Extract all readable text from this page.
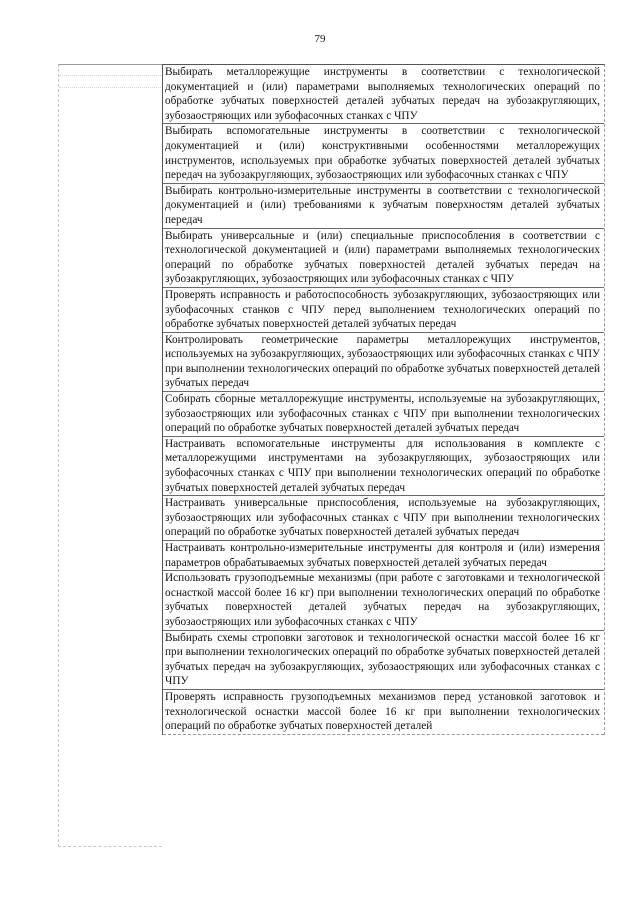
79
Выбирать металлорежущие инструменты в соответствии с технологической документацией и (или) параметрами выполняемых технологических операций по обработке зубчатых поверхностей деталей зубчатых передач на зубозакругляющих, зубозаостряющих или зубофасочных станках с ЧПУ
Выбирать вспомогательные инструменты в соответствии с технологической документацией и (или) конструктивными особенностями металлорежущих инструментов, используемых при обработке зубчатых поверхностей деталей зубчатых передач на зубозакругляющих, зубозаостряющих или зубофасочных станках с ЧПУ
Выбирать контрольно-измерительные инструменты в соответствии с технологической документацией и (или) требованиями к зубчатым поверхностям деталей зубчатых передач
Выбирать универсальные и (или) специальные приспособления в соответствии с технологической документацией и (или) параметрами выполняемых технологических операций по обработке зубчатых поверхностей деталей зубчатых передач на зубозакругляющих, зубозаостряющих или зубофасочных станках с ЧПУ
Проверять исправность и работоспособность зубозакругляющих, зубозаостряющих или зубофасочных станков с ЧПУ перед выполнением технологических операций по обработке зубчатых поверхностей деталей зубчатых передач
Контролировать геометрические параметры металлорежущих инструментов, используемых на зубозакругляющих, зубозаостряющих или зубофасочных станках с ЧПУ при выполнении технологических операций по обработке зубчатых поверхностей деталей зубчатых передач
Собирать сборные металлорежущие инструменты, используемые на зубозакругляющих, зубозаостряющих или зубофасочных станках с ЧПУ при выполнении технологических операций по обработке зубчатых поверхностей деталей зубчатых передач
Настраивать вспомогательные инструменты для использования в комплекте с металлорежущими инструментами на зубозакругляющих, зубозаостряющих или зубофасочных станках с ЧПУ при выполнении технологических операций по обработке зубчатых поверхностей деталей зубчатых передач
Настраивать универсальные приспособления, используемые на зубозакругляющих, зубозаостряющих или зубофасочных станках с ЧПУ при выполнении технологических операций по обработке зубчатых поверхностей деталей зубчатых передач
Настраивать контрольно-измерительные инструменты для контроля и (или) измерения параметров обрабатываемых зубчатых поверхностей деталей зубчатых передач
Использовать грузоподъемные механизмы (при работе с заготовками и технологической оснасткой массой более 16 кг) при выполнении технологических операций по обработке зубчатых поверхностей деталей зубчатых передач на зубозакругляющих, зубозаостряющих или зубофасочных станках с ЧПУ
Выбирать схемы строповки заготовок и технологической оснастки массой более 16 кг при выполнении технологических операций по обработке зубчатых поверхностей деталей зубчатых передач на зубозакругляющих, зубозаостряющих или зубофасочных станках с ЧПУ
Проверять исправность грузоподъемных механизмов перед установкой заготовок и технологической оснастки массой более 16 кг при выполнении технологических операций по обработке зубчатых поверхностей деталей
